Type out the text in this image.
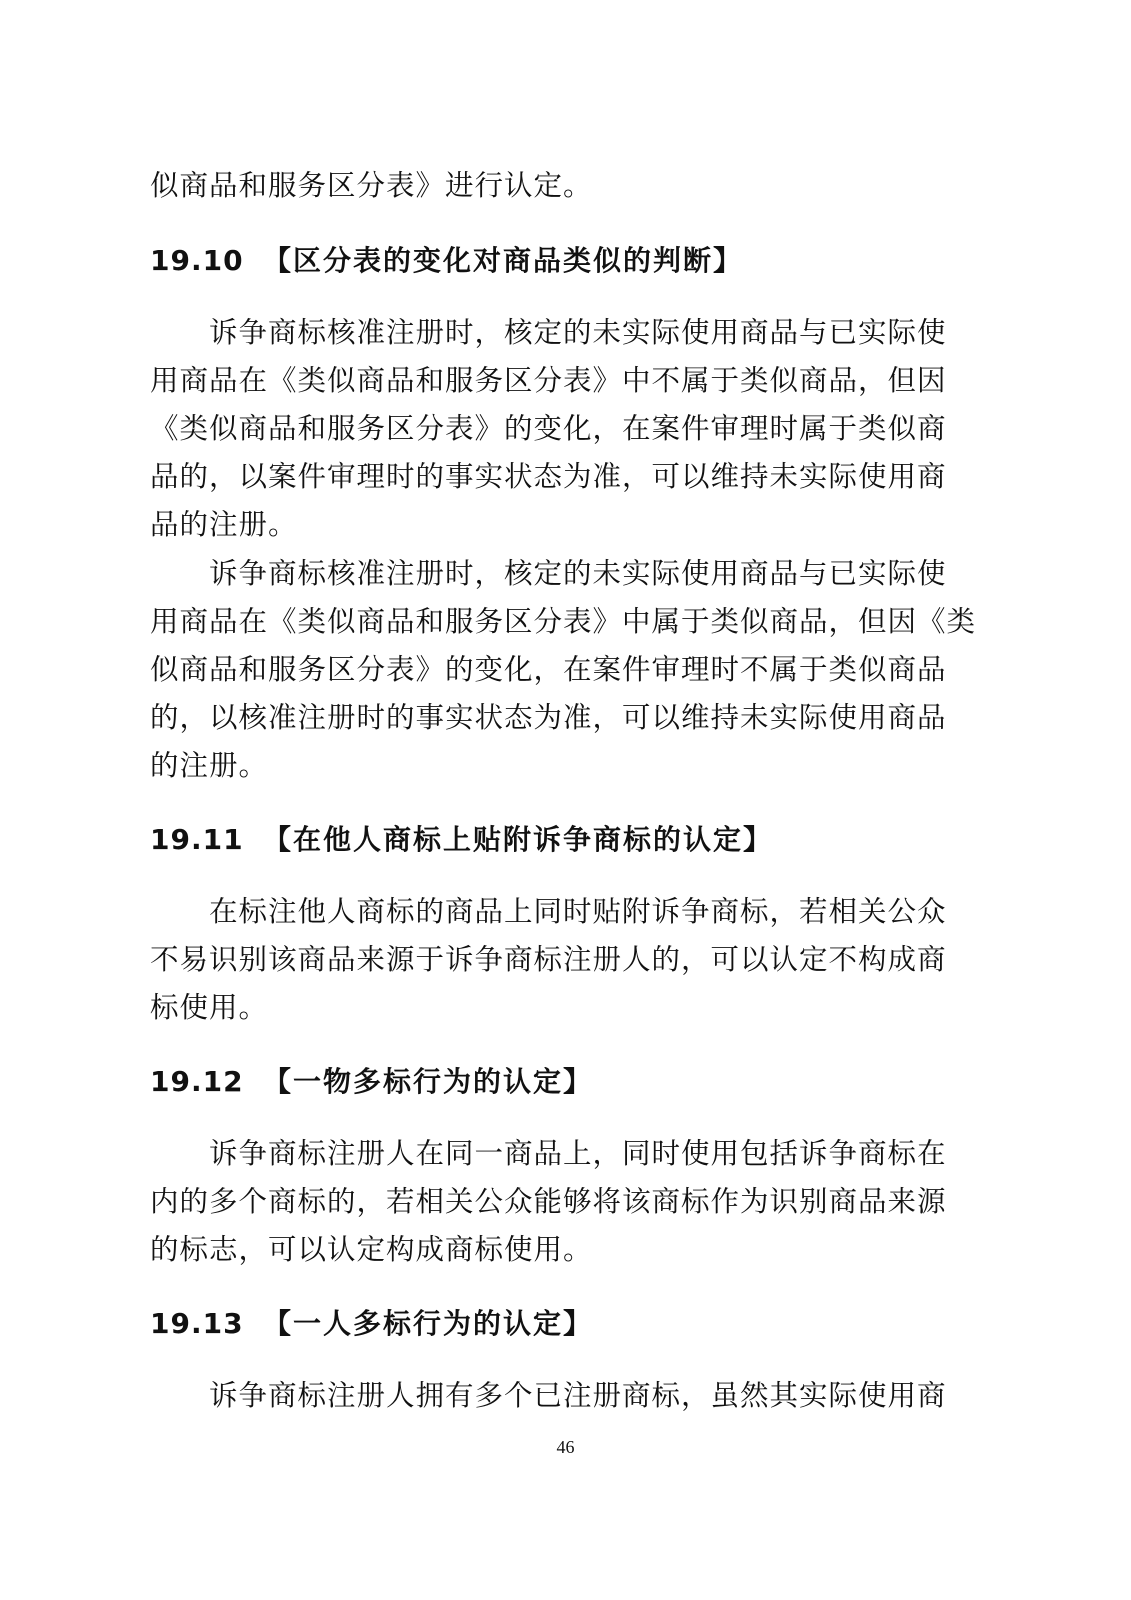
似商品和服务区分表》进行认定。

19.10 【区分表的变化对商品类似的判断】

诉争商标核准注册时，核定的未实际使用商品与已实际使

用商品在《类似商品和服务区分表》中不属于类似商品，但因

《类似商品和服务区分表》的变化，在案件审理时属于类似商

品的，以案件审理时的事实状态为准，可以维持未实际使用商

品的注册。

诉争商标核准注册时，核定的未实际使用商品与已实际使

用商品在《类似商品和服务区分表》中属于类似商品，但因《类

似商品和服务区分表》的变化，在案件审理时不属于类似商品

的，以核准注册时的事实状态为准，可以维持未实际使用商品

的注册。

19.11 【在他人商标上贴附诉争商标的认定】

在标注他人商标的商品上同时贴附诉争商标，若相关公众

不易识别该商品来源于诉争商标注册人的，可以认定不构成商

标使用。

19.12 【一物多标行为的认定】

诉争商标注册人在同一商品上，同时使用包括诉争商标在

内的多个商标的，若相关公众能够将该商标作为识别商品来源

的标志，可以认定构成商标使用。

19.13 【一人多标行为的认定】

诉争商标注册人拥有多个已注册商标，虽然其实际使用商

46
